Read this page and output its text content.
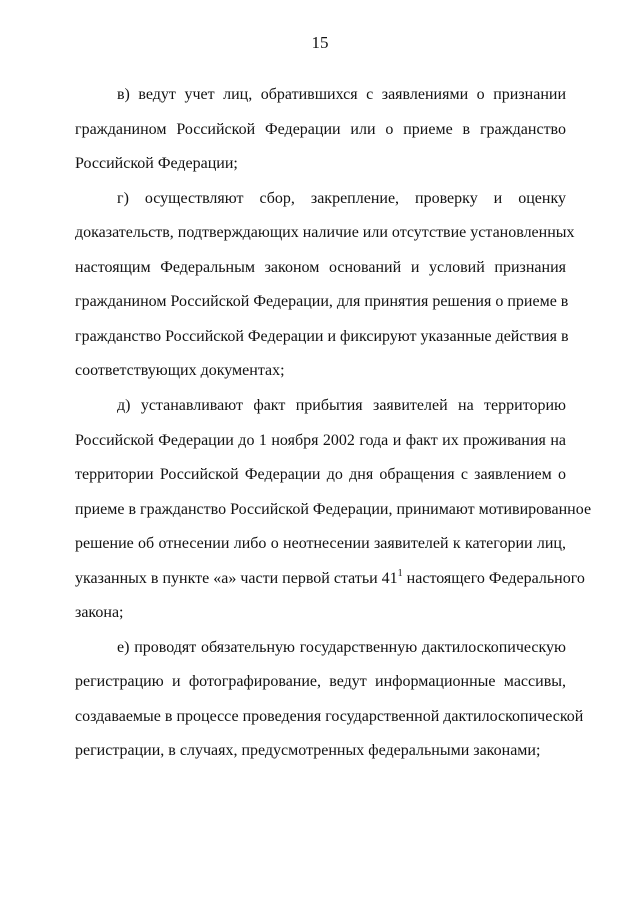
15
в) ведут учет лиц, обратившихся с заявлениями о признании
гражданином Российской Федерации или о приеме в гражданство
Российской Федерации;
г) осуществляют сбор, закрепление, проверку и оценку
доказательств, подтверждающих наличие или отсутствие установленных
настоящим Федеральным законом оснований и условий признания
гражданином Российской Федерации, для принятия решения о приеме в
гражданство Российской Федерации и фиксируют указанные действия в
соответствующих документах;
д) устанавливают факт прибытия заявителей на территорию
Российской Федерации до 1 ноября 2002 года и факт их проживания на
территории Российской Федерации до дня обращения с заявлением о
приеме в гражданство Российской Федерации, принимают мотивированное
решение об отнесении либо о неотнесении заявителей к категории лиц,
указанных в пункте «а» части первой статьи $41^1$ настоящего Федерального
закона;
е) проводят обязательную государственную дактилоскопическую
регистрацию и фотографирование, ведут информационные массивы,
создаваемые в процессе проведения государственной дактилоскопической
регистрации, в случаях, предусмотренных федеральными законами;
